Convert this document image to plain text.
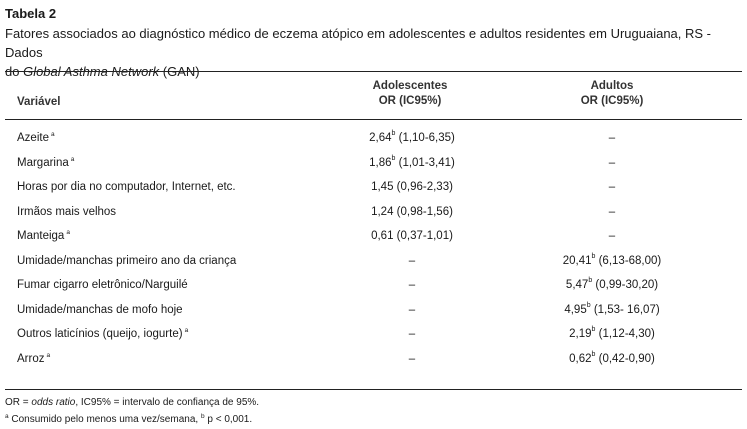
Tabela 2
Fatores associados ao diagnóstico médico de eczema atópico em adolescentes e adultos residentes em Uruguaiana, RS - Dados
do Global Asthma Network (GAN)
Variável
Adolescentes
OR (IC95%)
Adultos
OR (IC95%)
Azeite $^a$	2,64$^b$ (1,10-6,35)	–
Margarina $^a$	1,86$^b$ (1,01-3,41)	–
Horas por dia no computador, Internet, etc.	1,45 (0,96-2,33)	–
Irmãos mais velhos	1,24 (0,98-1,56)	–
Manteiga $^a$	0,61 (0,37-1,01)	–
Umidade/manchas primeiro ano da criança	–	20,41$^b$ (6,13-68,00)
Fumar cigarro eletrônico/Narguilé	–	5,47$^b$ (0,99-30,20)
Umidade/manchas de mofo hoje	–	4,95$^b$ (1,53- 16,07)
Outros laticínios (queijo, iogurte) $^a$	–	2,19$^b$ (1,12-4,30)
Arroz $^a$	–	0,62$^b$ (0,42-0,90)
OR = odds ratio, IC95% = intervalo de confiança de 95%.
$^a$ Consumido pelo menos uma vez/semana, $^b$ p < 0,001.
